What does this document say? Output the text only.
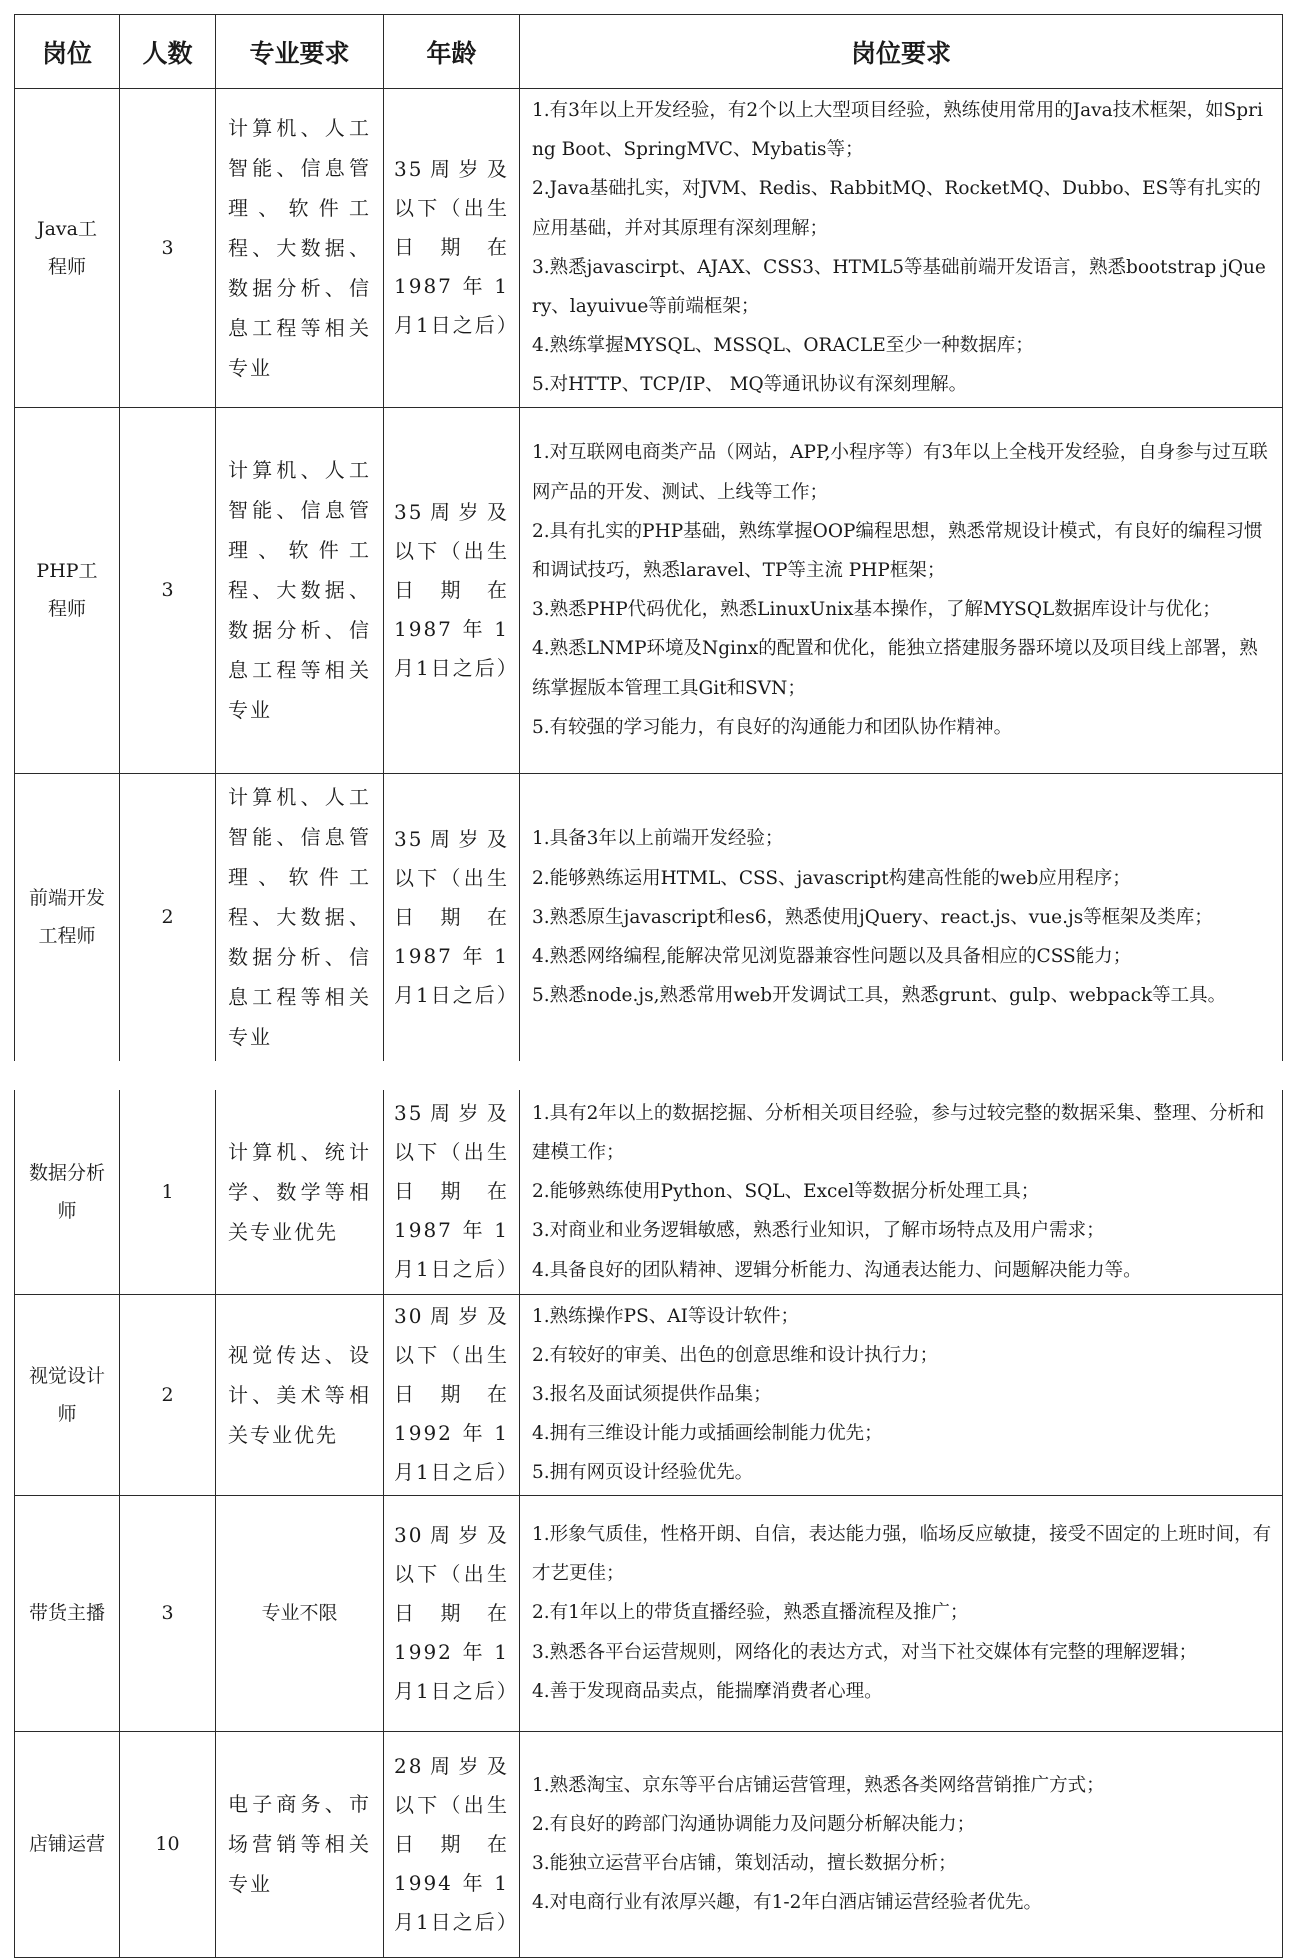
岗位	人数	专业要求	年龄	岗位要求
Java工程师	3	计算机、人工智能、信息管理、软件工程、大数据、数据分析、信息工程等相关专业	35周岁及以下（出生日期在1987年1月1日之后）	1.有3年以上开发经验，有2个以上大型项目经验，熟练使用常用的Java技术框架，如Spring Boot、SpringMVC、Mybatis等；
2.Java基础扎实，对JVM、Redis、RabbitMQ、RocketMQ、Dubbo、ES等有扎实的应用基础，并对其原理有深刻理解；
3.熟悉javascirpt、AJAX、CSS3、HTML5等基础前端开发语言，熟悉bootstrap jQuery、layuivue等前端框架；
4.熟练掌握MYSQL、MSSQL、ORACLE至少一种数据库；
5.对HTTP、TCP/IP、 MQ等通讯协议有深刻理解。

PHP工程师	3	计算机、人工智能、信息管理、软件工程、大数据、数据分析、信息工程等相关专业	35周岁及以下（出生日期在1987年1月1日之后）	1.对互联网电商类产品（网站，APP,小程序等）有3年以上全栈开发经验，自身参与过互联网产品的开发、测试、上线等工作；
2.具有扎实的PHP基础，熟练掌握OOP编程思想，熟悉常规设计模式，有良好的编程习惯和调试技巧，熟悉laravel、TP等主流 PHP框架；
3.熟悉PHP代码优化，熟悉LinuxUnix基本操作，了解MYSQL数据库设计与优化；
4.熟悉LNMP环境及Nginx的配置和优化，能独立搭建服务器环境以及项目线上部署，熟练掌握版本管理工具Git和SVN；
5.有较强的学习能力，有良好的沟通能力和团队协作精神。

前端开发工程师	2	计算机、人工智能、信息管理、软件工程、大数据、数据分析、信息工程等相关专业	35周岁及以下（出生日期在1987年1月1日之后）	1.具备3年以上前端开发经验；
2.能够熟练运用HTML、CSS、javascript构建高性能的web应用程序；
3.熟悉原生javascript和es6，熟悉使用jQuery、react.js、vue.js等框架及类库；
4.熟悉网络编程,能解决常见浏览器兼容性问题以及具备相应的CSS能力；
5.熟悉node.js,熟悉常用web开发调试工具，熟悉grunt、gulp、webpack等工具。
数据分析师	1	计算机、统计学、数学等相关专业优先	35周岁及以下（出生日期在1987年1月1日之后）	1.具有2年以上的数据挖掘、分析相关项目经验，参与过较完整的数据采集、整理、分析和建模工作；
2.能够熟练使用Python、SQL、Excel等数据分析处理工具；
3.对商业和业务逻辑敏感，熟悉行业知识，了解市场特点及用户需求；
4.具备良好的团队精神、逻辑分析能力、沟通表达能力、问题解决能力等。

视觉设计师	2	视觉传达、设计、美术等相关专业优先	30周岁及以下（出生日期在1992年1月1日之后）	1.熟练操作PS、AI等设计软件；
2.有较好的审美、出色的创意思维和设计执行力；
3.报名及面试须提供作品集；
4.拥有三维设计能力或插画绘制能力优先；
5.拥有网页设计经验优先。

带货主播	3	专业不限	30周岁及以下（出生日期在1992年1月1日之后）	1.形象气质佳，性格开朗、自信，表达能力强，临场反应敏捷，接受不固定的上班时间，有才艺更佳；
2.有1年以上的带货直播经验，熟悉直播流程及推广；
3.熟悉各平台运营规则，网络化的表达方式，对当下社交媒体有完整的理解逻辑；
4.善于发现商品卖点，能揣摩消费者心理。

店铺运营	10	电子商务、市场营销等相关专业	28周岁及以下（出生日期在1994年1月1日之后）	1.熟悉淘宝、京东等平台店铺运营管理，熟悉各类网络营销推广方式；
2.有良好的跨部门沟通协调能力及问题分析解决能力；
3.能独立运营平台店铺，策划活动，擅长数据分析；
4.对电商行业有浓厚兴趣，有1-2年白酒店铺运营经验者优先。
